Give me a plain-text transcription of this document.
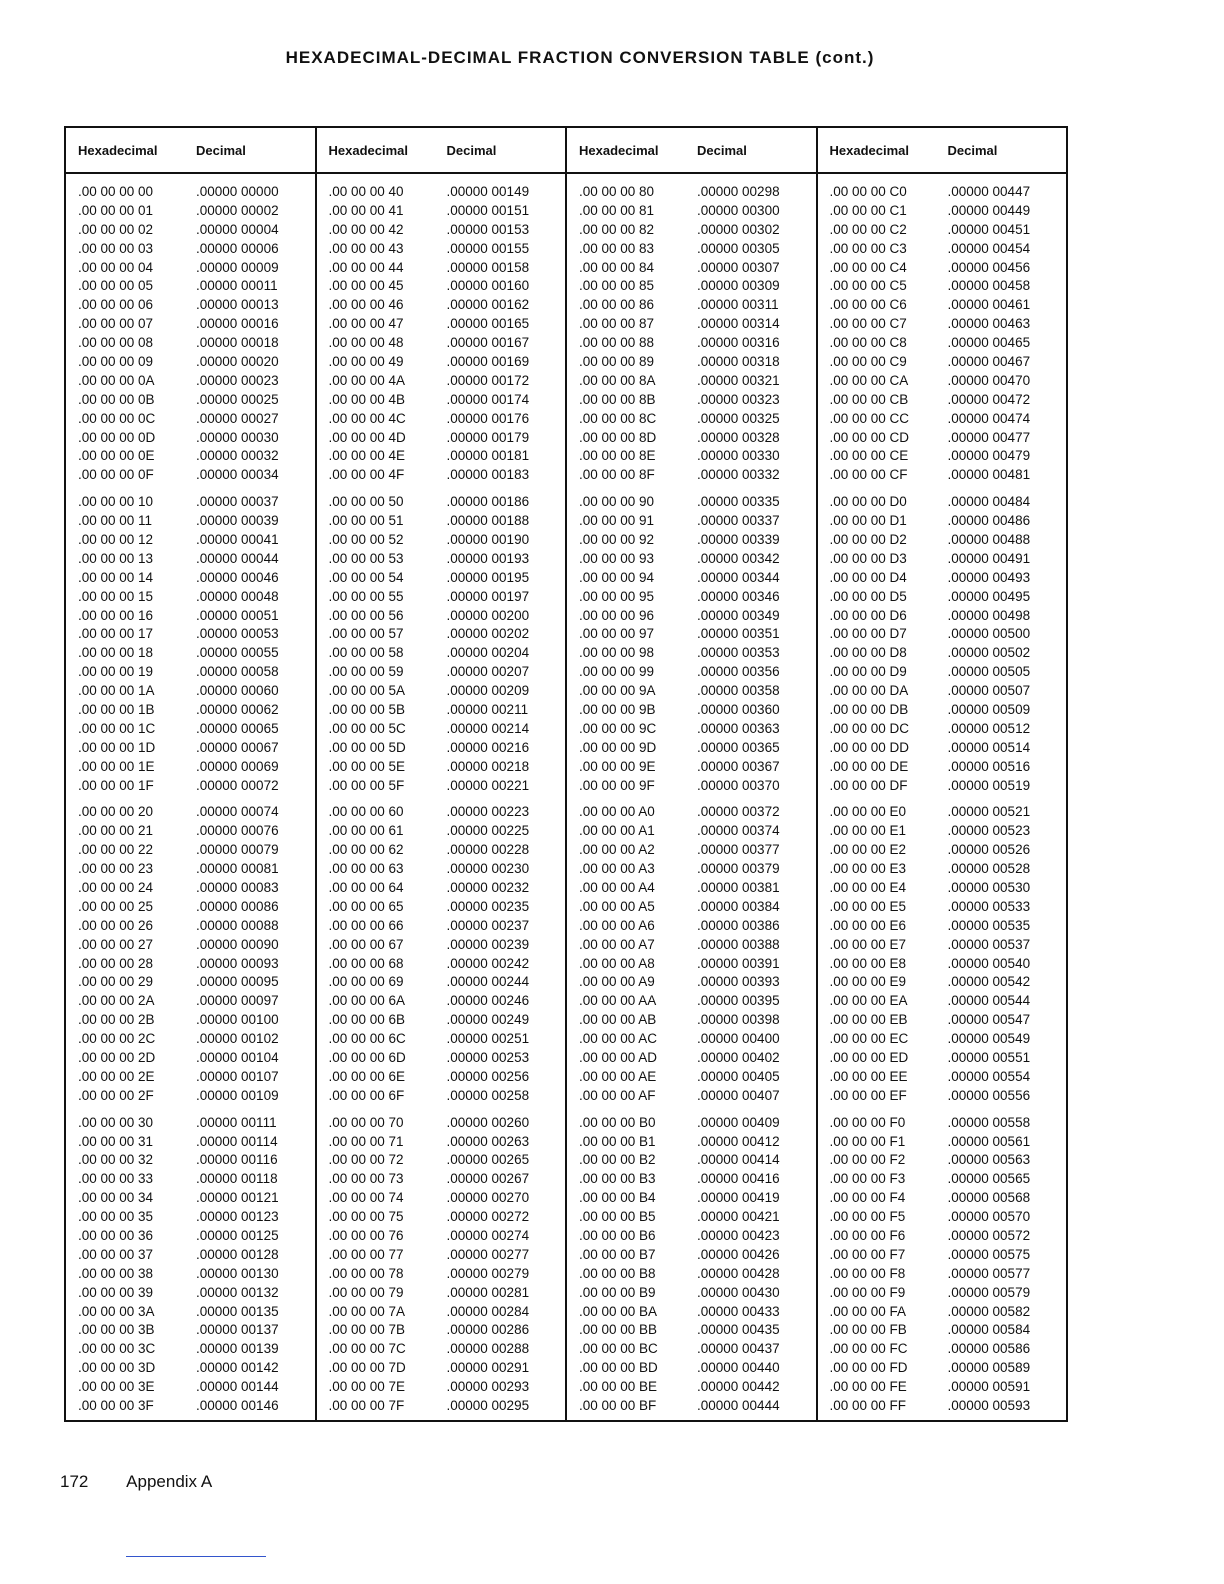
HEXADECIMAL-DECIMAL FRACTION CONVERSION TABLE (cont.)
Hexadecimal	Decimal
.00 00 00 00	.00000 00000
.00 00 00 01	.00000 00002
.00 00 00 02	.00000 00004
.00 00 00 03	.00000 00006
.00 00 00 04	.00000 00009
.00 00 00 05	.00000 00011
.00 00 00 06	.00000 00013
.00 00 00 07	.00000 00016
.00 00 00 08	.00000 00018
.00 00 00 09	.00000 00020
.00 00 00 0A	.00000 00023
.00 00 00 0B	.00000 00025
.00 00 00 0C	.00000 00027
.00 00 00 0D	.00000 00030
.00 00 00 0E	.00000 00032
.00 00 00 0F	.00000 00034
.00 00 00 10	.00000 00037
.00 00 00 11	.00000 00039
.00 00 00 12	.00000 00041
.00 00 00 13	.00000 00044
.00 00 00 14	.00000 00046
.00 00 00 15	.00000 00048
.00 00 00 16	.00000 00051
.00 00 00 17	.00000 00053
.00 00 00 18	.00000 00055
.00 00 00 19	.00000 00058
.00 00 00 1A	.00000 00060
.00 00 00 1B	.00000 00062
.00 00 00 1C	.00000 00065
.00 00 00 1D	.00000 00067
.00 00 00 1E	.00000 00069
.00 00 00 1F	.00000 00072
.00 00 00 20	.00000 00074
.00 00 00 21	.00000 00076
.00 00 00 22	.00000 00079
.00 00 00 23	.00000 00081
.00 00 00 24	.00000 00083
.00 00 00 25	.00000 00086
.00 00 00 26	.00000 00088
.00 00 00 27	.00000 00090
.00 00 00 28	.00000 00093
.00 00 00 29	.00000 00095
.00 00 00 2A	.00000 00097
.00 00 00 2B	.00000 00100
.00 00 00 2C	.00000 00102
.00 00 00 2D	.00000 00104
.00 00 00 2E	.00000 00107
.00 00 00 2F	.00000 00109
.00 00 00 30	.00000 00111
.00 00 00 31	.00000 00114
.00 00 00 32	.00000 00116
.00 00 00 33	.00000 00118
.00 00 00 34	.00000 00121
.00 00 00 35	.00000 00123
.00 00 00 36	.00000 00125
.00 00 00 37	.00000 00128
.00 00 00 38	.00000 00130
.00 00 00 39	.00000 00132
.00 00 00 3A	.00000 00135
.00 00 00 3B	.00000 00137
.00 00 00 3C	.00000 00139
.00 00 00 3D	.00000 00142
.00 00 00 3E	.00000 00144
.00 00 00 3F	.00000 00146
Hexadecimal	Decimal
.00 00 00 40	.00000 00149
.00 00 00 41	.00000 00151
.00 00 00 42	.00000 00153
.00 00 00 43	.00000 00155
.00 00 00 44	.00000 00158
.00 00 00 45	.00000 00160
.00 00 00 46	.00000 00162
.00 00 00 47	.00000 00165
.00 00 00 48	.00000 00167
.00 00 00 49	.00000 00169
.00 00 00 4A	.00000 00172
.00 00 00 4B	.00000 00174
.00 00 00 4C	.00000 00176
.00 00 00 4D	.00000 00179
.00 00 00 4E	.00000 00181
.00 00 00 4F	.00000 00183
.00 00 00 50	.00000 00186
.00 00 00 51	.00000 00188
.00 00 00 52	.00000 00190
.00 00 00 53	.00000 00193
.00 00 00 54	.00000 00195
.00 00 00 55	.00000 00197
.00 00 00 56	.00000 00200
.00 00 00 57	.00000 00202
.00 00 00 58	.00000 00204
.00 00 00 59	.00000 00207
.00 00 00 5A	.00000 00209
.00 00 00 5B	.00000 00211
.00 00 00 5C	.00000 00214
.00 00 00 5D	.00000 00216
.00 00 00 5E	.00000 00218
.00 00 00 5F	.00000 00221
.00 00 00 60	.00000 00223
.00 00 00 61	.00000 00225
.00 00 00 62	.00000 00228
.00 00 00 63	.00000 00230
.00 00 00 64	.00000 00232
.00 00 00 65	.00000 00235
.00 00 00 66	.00000 00237
.00 00 00 67	.00000 00239
.00 00 00 68	.00000 00242
.00 00 00 69	.00000 00244
.00 00 00 6A	.00000 00246
.00 00 00 6B	.00000 00249
.00 00 00 6C	.00000 00251
.00 00 00 6D	.00000 00253
.00 00 00 6E	.00000 00256
.00 00 00 6F	.00000 00258
.00 00 00 70	.00000 00260
.00 00 00 71	.00000 00263
.00 00 00 72	.00000 00265
.00 00 00 73	.00000 00267
.00 00 00 74	.00000 00270
.00 00 00 75	.00000 00272
.00 00 00 76	.00000 00274
.00 00 00 77	.00000 00277
.00 00 00 78	.00000 00279
.00 00 00 79	.00000 00281
.00 00 00 7A	.00000 00284
.00 00 00 7B	.00000 00286
.00 00 00 7C	.00000 00288
.00 00 00 7D	.00000 00291
.00 00 00 7E	.00000 00293
.00 00 00 7F	.00000 00295
Hexadecimal	Decimal
.00 00 00 80	.00000 00298
.00 00 00 81	.00000 00300
.00 00 00 82	.00000 00302
.00 00 00 83	.00000 00305
.00 00 00 84	.00000 00307
.00 00 00 85	.00000 00309
.00 00 00 86	.00000 00311
.00 00 00 87	.00000 00314
.00 00 00 88	.00000 00316
.00 00 00 89	.00000 00318
.00 00 00 8A	.00000 00321
.00 00 00 8B	.00000 00323
.00 00 00 8C	.00000 00325
.00 00 00 8D	.00000 00328
.00 00 00 8E	.00000 00330
.00 00 00 8F	.00000 00332
.00 00 00 90	.00000 00335
.00 00 00 91	.00000 00337
.00 00 00 92	.00000 00339
.00 00 00 93	.00000 00342
.00 00 00 94	.00000 00344
.00 00 00 95	.00000 00346
.00 00 00 96	.00000 00349
.00 00 00 97	.00000 00351
.00 00 00 98	.00000 00353
.00 00 00 99	.00000 00356
.00 00 00 9A	.00000 00358
.00 00 00 9B	.00000 00360
.00 00 00 9C	.00000 00363
.00 00 00 9D	.00000 00365
.00 00 00 9E	.00000 00367
.00 00 00 9F	.00000 00370
.00 00 00 A0	.00000 00372
.00 00 00 A1	.00000 00374
.00 00 00 A2	.00000 00377
.00 00 00 A3	.00000 00379
.00 00 00 A4	.00000 00381
.00 00 00 A5	.00000 00384
.00 00 00 A6	.00000 00386
.00 00 00 A7	.00000 00388
.00 00 00 A8	.00000 00391
.00 00 00 A9	.00000 00393
.00 00 00 AA	.00000 00395
.00 00 00 AB	.00000 00398
.00 00 00 AC	.00000 00400
.00 00 00 AD	.00000 00402
.00 00 00 AE	.00000 00405
.00 00 00 AF	.00000 00407
.00 00 00 B0	.00000 00409
.00 00 00 B1	.00000 00412
.00 00 00 B2	.00000 00414
.00 00 00 B3	.00000 00416
.00 00 00 B4	.00000 00419
.00 00 00 B5	.00000 00421
.00 00 00 B6	.00000 00423
.00 00 00 B7	.00000 00426
.00 00 00 B8	.00000 00428
.00 00 00 B9	.00000 00430
.00 00 00 BA	.00000 00433
.00 00 00 BB	.00000 00435
.00 00 00 BC	.00000 00437
.00 00 00 BD	.00000 00440
.00 00 00 BE	.00000 00442
.00 00 00 BF	.00000 00444
Hexadecimal	Decimal
.00 00 00 C0	.00000 00447
.00 00 00 C1	.00000 00449
.00 00 00 C2	.00000 00451
.00 00 00 C3	.00000 00454
.00 00 00 C4	.00000 00456
.00 00 00 C5	.00000 00458
.00 00 00 C6	.00000 00461
.00 00 00 C7	.00000 00463
.00 00 00 C8	.00000 00465
.00 00 00 C9	.00000 00467
.00 00 00 CA	.00000 00470
.00 00 00 CB	.00000 00472
.00 00 00 CC	.00000 00474
.00 00 00 CD	.00000 00477
.00 00 00 CE	.00000 00479
.00 00 00 CF	.00000 00481
.00 00 00 D0	.00000 00484
.00 00 00 D1	.00000 00486
.00 00 00 D2	.00000 00488
.00 00 00 D3	.00000 00491
.00 00 00 D4	.00000 00493
.00 00 00 D5	.00000 00495
.00 00 00 D6	.00000 00498
.00 00 00 D7	.00000 00500
.00 00 00 D8	.00000 00502
.00 00 00 D9	.00000 00505
.00 00 00 DA	.00000 00507
.00 00 00 DB	.00000 00509
.00 00 00 DC	.00000 00512
.00 00 00 DD	.00000 00514
.00 00 00 DE	.00000 00516
.00 00 00 DF	.00000 00519
.00 00 00 E0	.00000 00521
.00 00 00 E1	.00000 00523
.00 00 00 E2	.00000 00526
.00 00 00 E3	.00000 00528
.00 00 00 E4	.00000 00530
.00 00 00 E5	.00000 00533
.00 00 00 E6	.00000 00535
.00 00 00 E7	.00000 00537
.00 00 00 E8	.00000 00540
.00 00 00 E9	.00000 00542
.00 00 00 EA	.00000 00544
.00 00 00 EB	.00000 00547
.00 00 00 EC	.00000 00549
.00 00 00 ED	.00000 00551
.00 00 00 EE	.00000 00554
.00 00 00 EF	.00000 00556
.00 00 00 F0	.00000 00558
.00 00 00 F1	.00000 00561
.00 00 00 F2	.00000 00563
.00 00 00 F3	.00000 00565
.00 00 00 F4	.00000 00568
.00 00 00 F5	.00000 00570
.00 00 00 F6	.00000 00572
.00 00 00 F7	.00000 00575
.00 00 00 F8	.00000 00577
.00 00 00 F9	.00000 00579
.00 00 00 FA	.00000 00582
.00 00 00 FB	.00000 00584
.00 00 00 FC	.00000 00586
.00 00 00 FD	.00000 00589
.00 00 00 FE	.00000 00591
.00 00 00 FF	.00000 00593
172 Appendix A
